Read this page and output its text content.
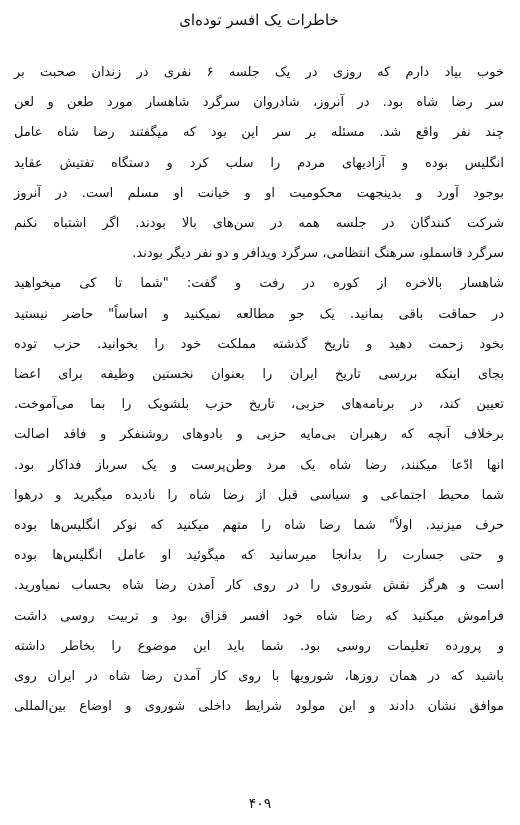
خاطرات یک افسر توده‌ای
خوب بیاد دارم که روزی در یک جلسه ۶ نفری در زندان صحبت بر
سر رضا شاه بود. در آنروز، شادروان سرگرد شاهسار مورد طعن و لعن
چند نفر واقع شد. مسئله بر سر این بود که میگفتند رضا شاه عامل
انگلیس بوده و آزادیهای مردم را سلب کرد و دستگاه تفتیش عقاید
بوجود آورد و بدینجهت محکومیت او و خیانت او مسلم است. در آنروز
شرکت کنندگان در جلسه همه در سن‌های بالا بودند. اگر اشتباه نکنم
سرگرد قاسملو، سرهنگ انتظامی، سرگرد ویدافر و دو نفر دیگر بودند.
شاهسار بالاخره از کوره در رفت و گفت: "شما تا کی میخواهید
در حماقت باقی بمانید. یک جو مطالعه نمیکنید و اساساً" حاضر نیستید
بخود زحمت دهید و تاریخ گذشته مملکت خود را بخوانید. حزب توده
بجای اینکه بررسی تاریخ ایران را بعنوان نخستین وظیفه برای اعضا
تعیین کند، در برنامه‌های حزبی، تاریخ حزب بلشویک را بما می‌آموخت.
برخلاف آنچه که رهبران بی‌مایه حزبی و بادوهای روشنفکر و فاقد اصالت
انها ادّعا میکنند، رضا شاه یک مرد وطن‌پرست و یک سرباز فداکار بود.
شما محیط اجتماعی و سیاسی قبل از رضا شاه را نادیده میگیرید و درهوا
حرف میزنید. اولاً" شما رضا شاه را متهم میکنید که نوکر انگلیس‌ها بوده
و حتی جسارت را بدانجا میرسانید که میگوئید او عامل انگلیس‌ها بوده
است و هرگز نقش شوروی را در روی کار آمدن رضا شاه بحساب نمیاورید.
فراموش میکنید که رضا شاه خود افسر قزاق بود و تربیت روسی داشت
و پرورده تعلیمات روسی بود. شما باید این موضوع را بخاطر داشته
باشید که در همان روزها، شورویها با روی کار آمدن رضا شاه در ایران روی
موافق نشان دادند و این مولود شرایط داخلی شوروی و اوضاع بین‌المللی
۴۰۹
